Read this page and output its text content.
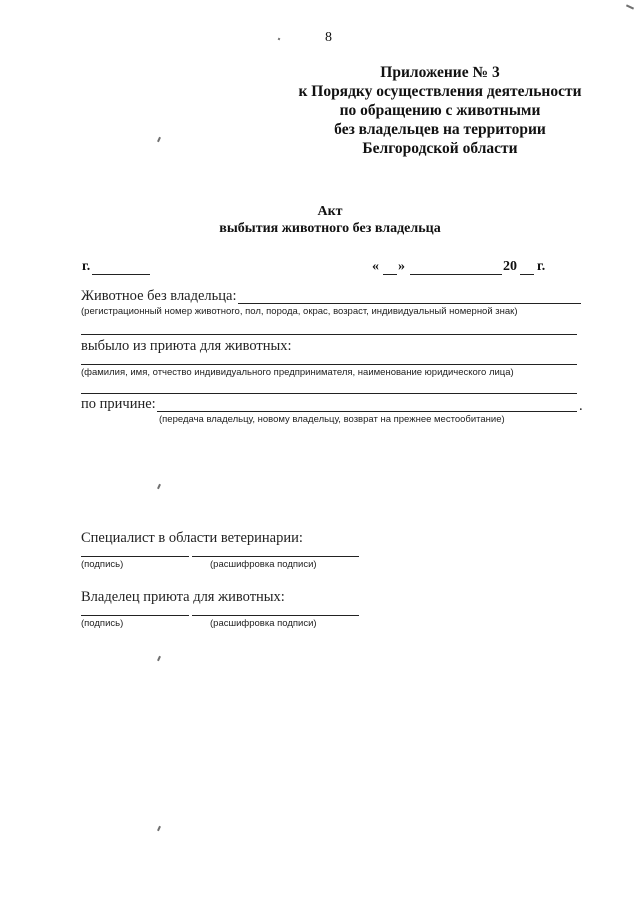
8
Приложение № 3
к Порядку осуществления деятельности
по обращению с животными
без владельцев на территории
Белгородской области
Акт
выбытия животного без владельца
г.	« »	20 г.
Животное без владельца:
(регистрационный номер животного, пол, порода, окрас, возраст, индивидуальный номерной знак)
выбыло из приюта для животных:
(фамилия, имя, отчество индивидуального предпринимателя, наименование юридического лица)
по причине:	.
(передача владельцу, новому владельцу, возврат на прежнее местообитание)
Специалист в области ветеринарии:
(подпись)	(расшифровка подписи)
Владелец приюта для животных:
(подпись)	(расшифровка подписи)
